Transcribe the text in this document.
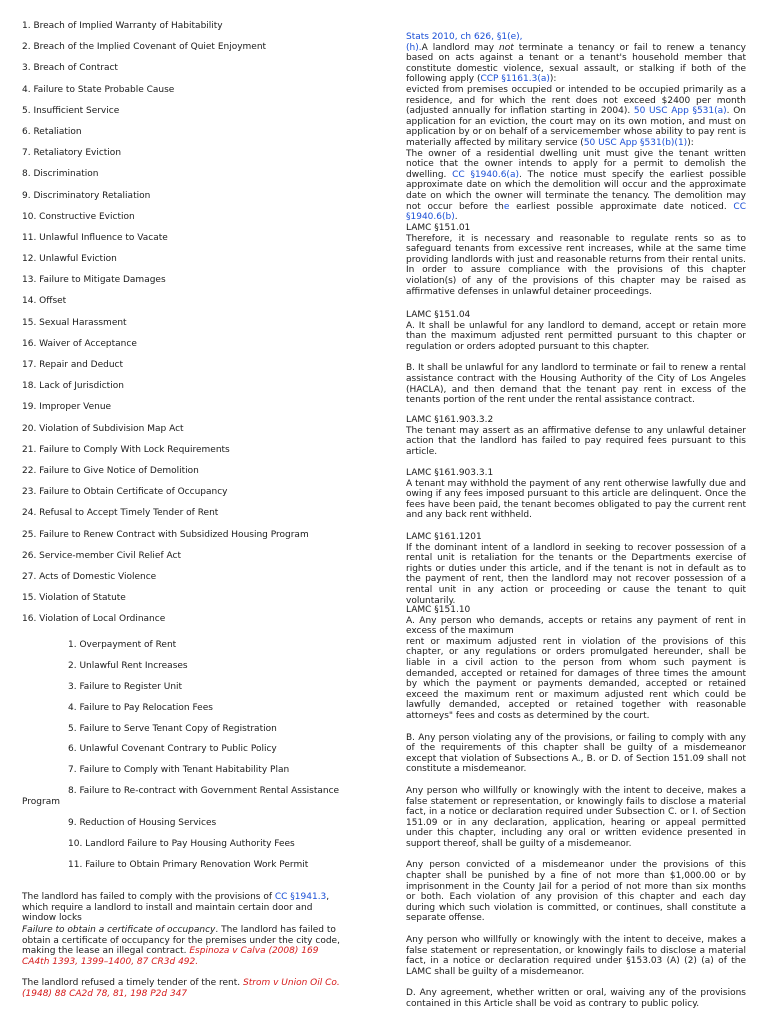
1. Breach of Implied Warranty of Habitability
2. Breach of the Implied Covenant of Quiet Enjoyment
3. Breach of Contract
4. Failure to State Probable Cause
5. Insufficient Service
6. Retaliation
7. Retaliatory Eviction
8. Discrimination
9. Discriminatory Retaliation
10. Constructive Eviction
11. Unlawful Influence to Vacate
12. Unlawful Eviction
13. Failure to Mitigate Damages
14. Offset
15. Sexual Harassment
16. Waiver of Acceptance
17. Repair and Deduct
18. Lack of Jurisdiction
19. Improper Venue
20. Violation of Subdivision Map Act
21. Failure to Comply With Lock Requirements
22. Failure to Give Notice of Demolition
23. Failure to Obtain Certificate of Occupancy
24. Refusal to Accept Timely Tender of Rent
25. Failure to Renew Contract with Subsidized Housing Program
26. Service-member Civil Relief Act
27. Acts of Domestic Violence
15. Violation of Statute
16. Violation of Local Ordinance
1. Overpayment of Rent
2. Unlawful Rent Increases
3. Failure to Register Unit
4. Failure to Pay Relocation Fees
5. Failure to Serve Tenant Copy of Registration
6. Unlawful Covenant Contrary to Public Policy
7. Failure to Comply with Tenant Habitability Plan
8. Failure to Re-contract with Government Rental Assistance Program
9. Reduction of Housing Services
10. Landlord Failure to Pay Housing Authority Fees
11. Failure to Obtain Primary Renovation Work Permit

The landlord has failed to comply with the provisions of CC §1941.3, which require a landlord to install and maintain certain door and window locks

Failure to obtain a certificate of occupancy. The landlord has failed to obtain a certificate of occupancy for the premises under the city code, making the lease an illegal contract. Espinoza v Calva (2008) 169 CA4th 1393, 1399–1400, 87 CR3d 492.

The landlord refused a timely tender of the rent. Strom v Union Oil Co. (1948) 88 CA2d 78, 81, 198 P2d 347

Stats 2010, ch 626, §1(e),

(h).A landlord may not terminate a tenancy or fail to renew a tenancy based on acts against a tenant or a tenant's household member that constitute domestic violence, sexual assault, or stalking if both of the following apply (CCP §1161.3(a)):

evicted from premises occupied or intended to be occupied primarily as a residence, and for which the rent does not exceed $2400 per month (adjusted annually for inflation starting in 2004). 50 USC App §531(a). On application for an eviction, the court may on its own motion, and must on application by or on behalf of a servicemember whose ability to pay rent is materially affected by military service (50 USC App §531(b)(1)):

The owner of a residential dwelling unit must give the tenant written notice that the owner intends to apply for a permit to demolish the dwelling. CC §1940.6(a). The notice must specify the earliest possible approximate date on which the demolition will occur and the approximate date on which the owner will terminate the tenancy. The demolition may not occur before the earliest possible approximate date noticed. CC §1940.6(b).

LAMC §151.01

Therefore, it is necessary and reasonable to regulate rents so as to safeguard tenants from excessive rent increases, while at the same time providing landlords with just and reasonable returns from their rental units. In order to assure compliance with the provisions of this chapter violation(s) of any of the provisions of this chapter may be raised as affirmative defenses in unlawful detainer proceedings.

LAMC §151.04

A. It shall be unlawful for any landlord to demand, accept or retain more than the maximum adjusted rent permitted pursuant to this chapter or regulation or orders adopted pursuant to this chapter.

B. It shall be unlawful for any landlord to terminate or fail to renew a rental assistance contract with the Housing Authority of the City of Los Angeles (HACLA), and then demand that the tenant pay rent in excess of the tenants portion of the rent under the rental assistance contract.

LAMC §161.903.3.2

The tenant may assert as an affirmative defense to any unlawful detainer action that the landlord has failed to pay required fees pursuant to this article.

LAMC §161.903.3.1

A tenant may withhold the payment of any rent otherwise lawfully due and owing if any fees imposed pursuant to this article are delinquent. Once the fees have been paid, the tenant becomes obligated to pay the current rent and any back rent withheld.

LAMC §161.1201

If the dominant intent of a landlord in seeking to recover possession of a rental unit is retaliation for the tenants or the Departments exercise of rights or duties under this article, and if the tenant is not in default as to the payment of rent, then the landlord may not recover possession of a rental unit in any action or proceeding or cause the tenant to quit voluntarily.

LAMC §151.10

A. Any person who demands, accepts or retains any payment of rent in excess of the maximum

rent or maximum adjusted rent in violation of the provisions of this chapter, or any regulations or orders promulgated hereunder, shall be liable in a civil action to the person from whom such payment is demanded, accepted or retained for damages of three times the amount by which the payment or payments demanded, accepted or retained exceed the maximum rent or maximum adjusted rent which could be lawfully demanded, accepted or retained together with reasonable attorneys" fees and costs as determined by the court.

B. Any person violating any of the provisions, or failing to comply with any of the requirements of this chapter shall be guilty of a misdemeanor except that violation of Subsections A., B. or D. of Section 151.09 shall not constitute a misdemeanor.

Any person who willfully or knowingly with the intent to deceive, makes a false statement or representation, or knowingly fails to disclose a material fact, in a notice or declaration required under Subsection C. or I. of Section 151.09 or in any declaration, application, hearing or appeal permitted under this chapter, including any oral or written evidence presented in support thereof, shall be guilty of a misdemeanor.

Any person convicted of a misdemeanor under the provisions of this chapter shall be punished by a fine of not more than $1,000.00 or by imprisonment in the County Jail for a period of not more than six months or both. Each violation of any provision of this chapter and each day during which such violation is committed, or continues, shall constitute a separate offense.

Any person who willfully or knowingly with the intent to deceive, makes a false statement or representation, or knowingly fails to disclose a material fact, in a notice or declaration required under §153.03 (A) (2) (a) of the LAMC shall be guilty of a misdemeanor.

D. Any agreement, whether written or oral, waiving any of the provisions contained in this Article shall be void as contrary to public policy.
